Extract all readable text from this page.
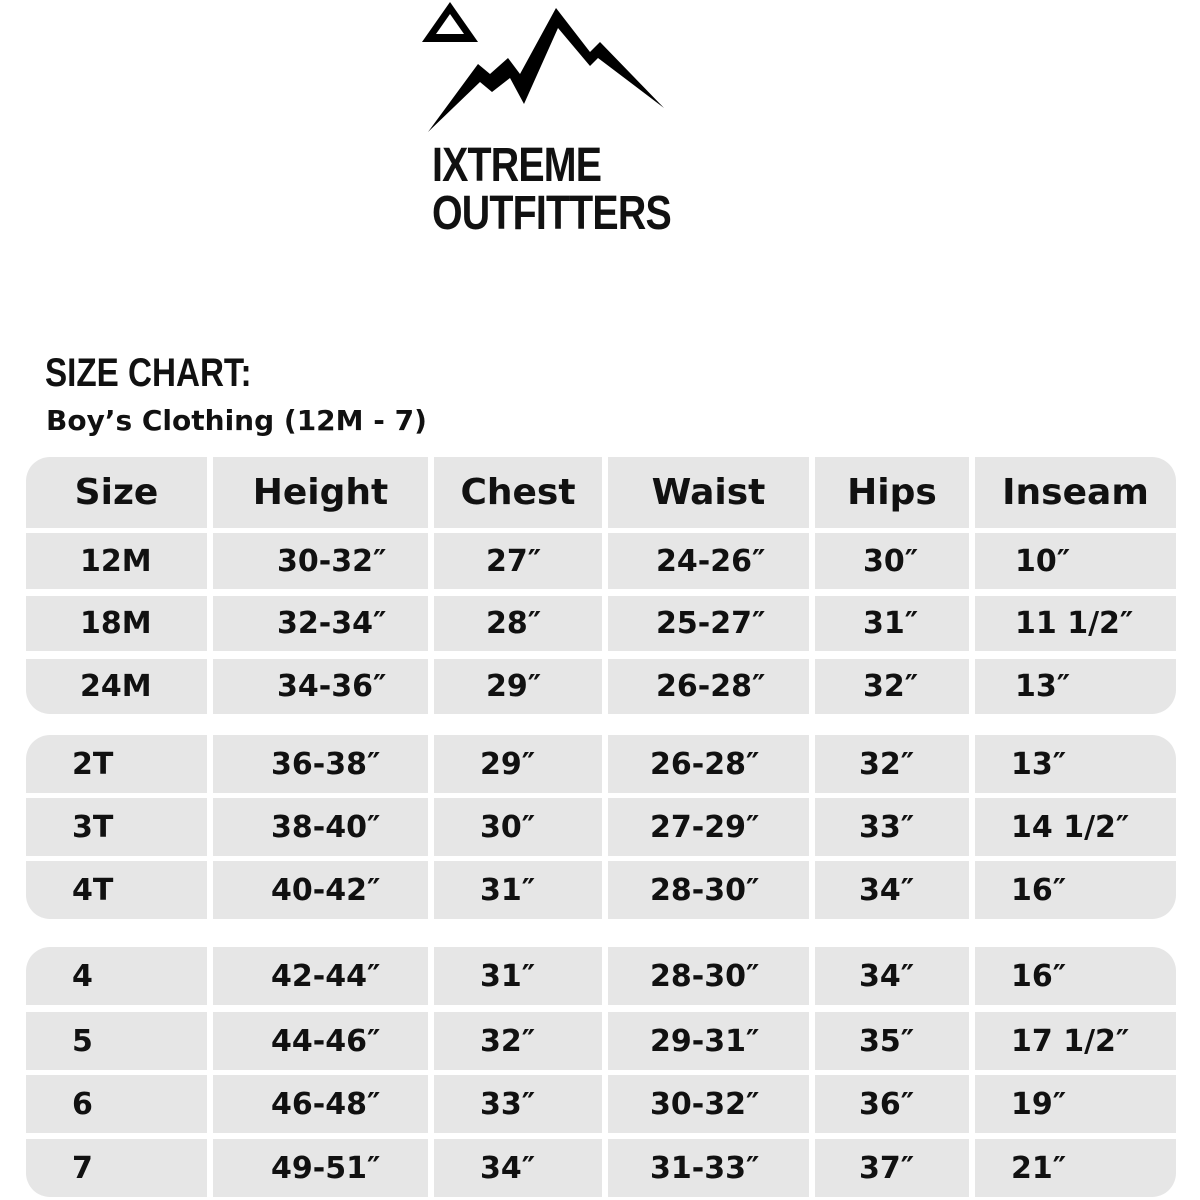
IXTREME
OUTFITTERS
SIZE CHART:
Boy’s Clothing (12M - 7)
Size	Height	Chest	Waist	Hips	Inseam
12M	30-32″	27″	24-26″	30″	10″
18M	32-34″	28″	25-27″	31″	11 1/2″
24M	34-36″	29″	26-28″	32″	13″
2T	36-38″	29″	26-28″	32″	13″
3T	38-40″	30″	27-29″	33″	14 1/2″
4T	40-42″	31″	28-30″	34″	16″
4	42-44″	31″	28-30″	34″	16″
5	44-46″	32″	29-31″	35″	17 1/2″
6	46-48″	33″	30-32″	36″	19″
7	49-51″	34″	31-33″	37″	21″
